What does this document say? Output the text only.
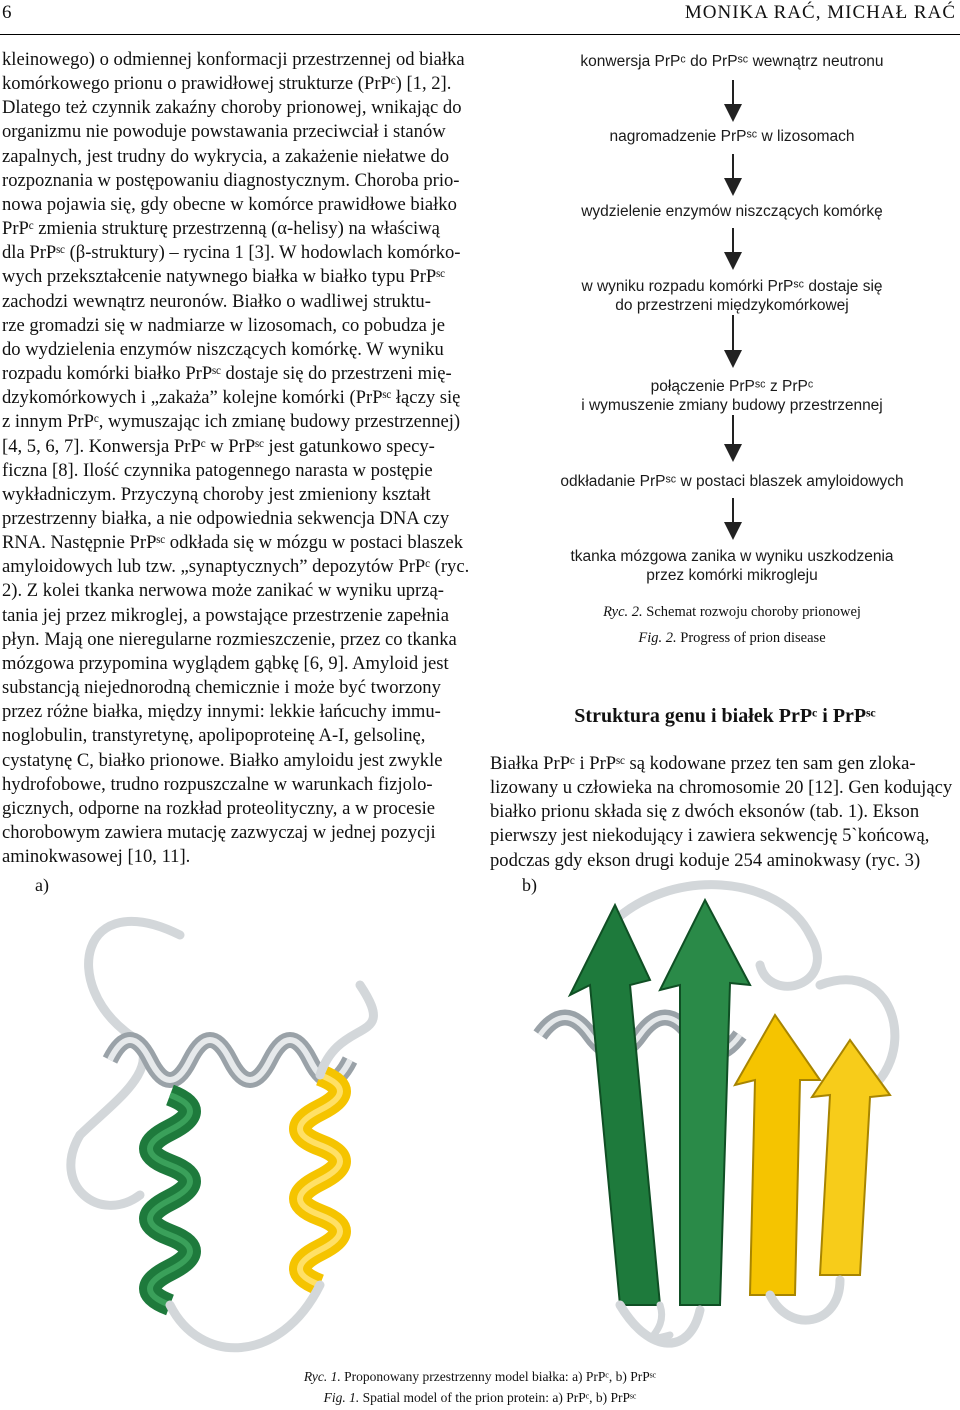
6	MONIKA RAĆ, MICHAŁ RAĆ

kleinowego) o odmiennej konformacji przestrzennej od białka
komórkowego prionu o prawidłowej strukturze (PrPᶜ) [1, 2].
Dlatego też czynnik zakaźny choroby prionowej, wnikając do
organizmu nie powoduje powstawania przeciwciał i stanów
zapalnych, jest trudny do wykrycia, a zakażenie niełatwe do
rozpoznania w postępowaniu diagnostycznym. Choroba prio-
nowa pojawia się, gdy obecne w komórce prawidłowe białko
PrPᶜ zmienia strukturę przestrzenną (α-helisy) na właściwą
dla PrPˢᶜ (β-struktury) – rycina 1 [3]. W hodowlach komórko-
wych przekształcenie natywnego białka w białko typu PrPˢᶜ
zachodzi wewnątrz neuronów. Białko o wadliwej struktu-
rze gromadzi się w nadmiarze w lizosomach, co pobudza je
do wydzielenia enzymów niszczących komórkę. W wyniku
rozpadu komórki białko PrPˢᶜ dostaje się do przestrzeni mię-
dzykomórkowych i „zakaża” kolejne komórki (PrPˢᶜ łączy się
z innym PrPᶜ, wymuszając ich zmianę budowy przestrzennej)
[4, 5, 6, 7]. Konwersja PrPᶜ w PrPˢᶜ jest gatunkowo specy-
ficzna [8]. Ilość czynnika patogennego narasta w postępie
wykładniczym. Przyczyną choroby jest zmieniony kształt
przestrzenny białka, a nie odpowiednia sekwencja DNA czy
RNA. Następnie PrPˢᶜ odkłada się w mózgu w postaci blaszek
amyloidowych lub tzw. „synaptycznych” depozytów PrPᶜ (ryc.
2). Z kolei tkanka nerwowa może zanikać w wyniku uprzą-
tania jej przez mikroglej, a powstające przestrzenie zapełnia
płyn. Mają one nieregularne rozmieszczenie, przez co tkanka
mózgowa przypomina wyglądem gąbkę [6, 9]. Amyloid jest
substancją niejednorodną chemicznie i może być tworzony
przez różne białka, między innymi: lekkie łańcuchy immu-
noglobulin, transtyretynę, apolipoproteinę A-I, gelsolinę,
cystatynę C, białko prionowe. Białko amyloidu jest zwykle
hydrofobowe, trudno rozpuszczalne w warunkach fizjolo-
gicznych, odporne na rozkład proteolityczny, a w procesie
chorobowym zawiera mutację zazwyczaj w jednej pozycji
aminokwasowej [10, 11].

konwersja PrPᶜ do PrPˢᶜ wewnątrz neutronu
nagromadzenie PrPˢᶜ w lizosomach
wydzielenie enzymów niszczących komórkę
w wyniku rozpadu komórki PrPˢᶜ dostaje się
do przestrzeni międzykomórkowej
połączenie PrPˢᶜ z PrPᶜ
i wymuszenie zmiany budowy przestrzennej
odkładanie PrPˢᶜ w postaci blaszek amyloidowych
tkanka mózgowa zanika w wyniku uszkodzenia
przez komórki mikrogleju
Ryc. 2. Schemat rozwoju choroby prionowej
Fig. 2. Progress of prion disease
Struktura genu i białek PrPᶜ i PrPˢᶜ

Białka PrPᶜ i PrPˢᶜ są kodowane przez ten sam gen zloka-
lizowany u człowieka na chromosomie 20 [12]. Gen kodujący
białko prionu składa się z dwóch eksonów (tab. 1). Ekson
pierwszy jest niekodujący i zawiera sekwencję 5`końcową,
podczas gdy ekson drugi koduje 254 aminokwasy (ryc. 3)

a)	b)
Ryc. 1. Proponowany przestrzenny model białka: a) PrPᶜ, b) PrPˢᶜ
Fig. 1. Spatial model of the prion protein: a) PrPᶜ, b) PrPˢᶜ
